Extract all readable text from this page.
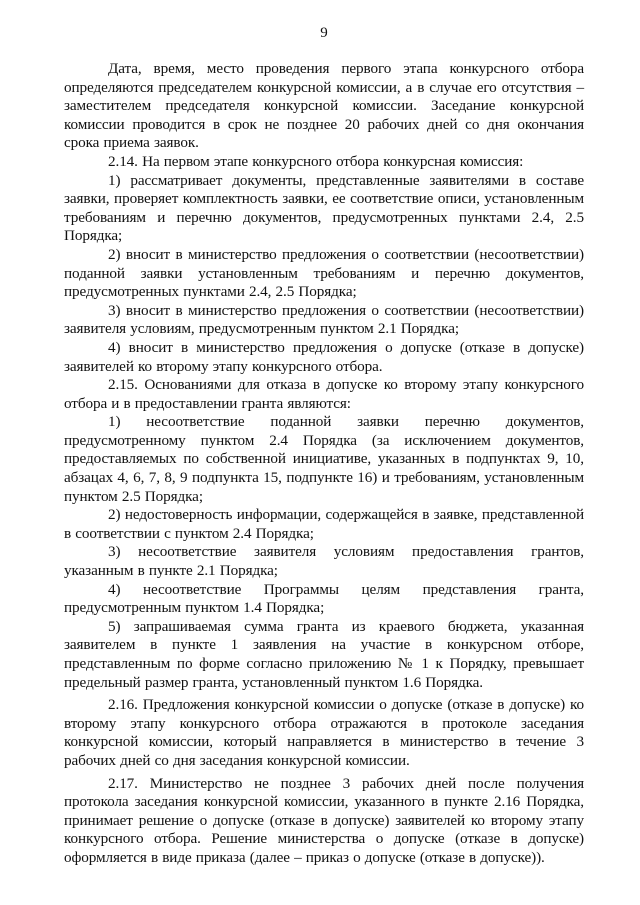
9

Дата, время, место проведения первого этапа конкурсного отбора определяются председателем конкурсной комиссии, а в случае его отсутствия – заместителем председателя конкурсной комиссии. Заседание конкурсной комиссии проводится в срок не позднее 20 рабочих дней со дня окончания срока приема заявок.

2.14. На первом этапе конкурсного отбора конкурсная комиссия:

1) рассматривает документы, представленные заявителями в составе заявки, проверяет комплектность заявки, ее соответствие описи, установленным требованиям и перечню документов, предусмотренных пунктами 2.4, 2.5 Порядка;

2) вносит в министерство предложения о соответствии (несоответствии) поданной заявки установленным требованиям и перечню документов, предусмотренных пунктами 2.4, 2.5 Порядка;

3) вносит в министерство предложения о соответствии (несоответствии) заявителя условиям, предусмотренным пунктом 2.1 Порядка;

4) вносит в министерство предложения о допуске (отказе в допуске) заявителей ко второму этапу конкурсного отбора.

2.15. Основаниями для отказа в допуске ко второму этапу конкурсного отбора и в предоставлении гранта являются:

1) несоответствие поданной заявки перечню документов, предусмотренному пунктом 2.4 Порядка (за исключением документов, предоставляемых по собственной инициативе, указанных в подпунктах 9, 10, абзацах 4, 6, 7, 8, 9 подпункта 15, подпункте 16) и требованиям, установленным пунктом 2.5 Порядка;

2) недостоверность информации, содержащейся в заявке, представленной в соответствии с пунктом 2.4 Порядка;

3) несоответствие заявителя условиям предоставления грантов, указанным в пункте 2.1 Порядка;

4) несоответствие Программы целям представления гранта, предусмотренным пунктом 1.4 Порядка;

5) запрашиваемая сумма гранта из краевого бюджета, указанная заявителем в пункте 1 заявления на участие в конкурсном отборе, представленным по форме согласно приложению № 1 к Порядку, превышает предельный размер гранта, установленный пунктом 1.6 Порядка.

2.16. Предложения конкурсной комиссии о допуске (отказе в допуске) ко второму этапу конкурсного отбора отражаются в протоколе заседания конкурсной комиссии, который направляется в министерство в течение 3 рабочих дней со дня заседания конкурсной комиссии.

2.17. Министерство не позднее 3 рабочих дней после получения протокола заседания конкурсной комиссии, указанного в пункте 2.16 Порядка, принимает решение о допуске (отказе в допуске) заявителей ко второму этапу конкурсного отбора. Решение министерства о допуске (отказе в допуске) оформляется в виде приказа (далее – приказ о допуске (отказе в допуске)).
